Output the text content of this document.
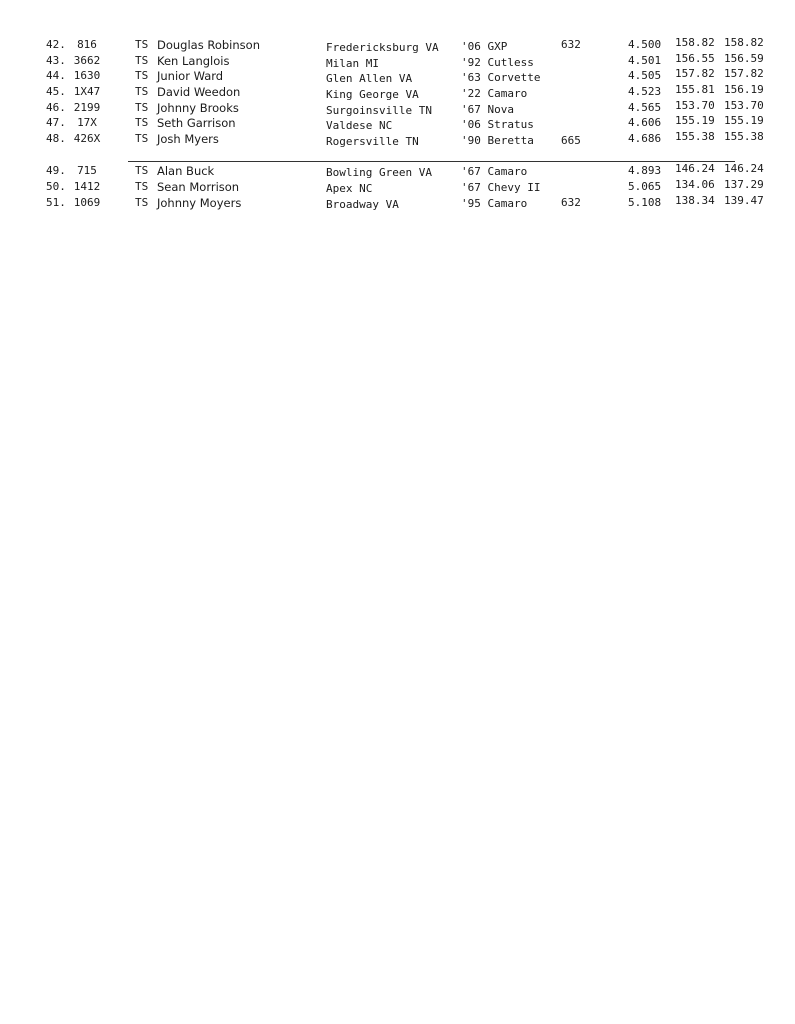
42.	816	TS Douglas Robinson	Fredericksburg VA '06 GXP	632	4.500 158.82 158.82
43. 3662	TS Ken Langlois	Milan MI	'92 Cutless	4.501 156.55 156.59
44. 1630	TS Junior Ward	Glen Allen VA	'63 Corvette	4.505 157.82 157.82
45. 1X47	TS David Weedon	King George VA	'22 Camaro	4.523 155.81 156.19
46. 2199	TS Johnny Brooks	Surgoinsville TN	'67 Nova	4.565 153.70 153.70
47.	17X	TS Seth Garrison	Valdese NC	'06 Stratus	4.606 155.19 155.19
48. 426X	TS Josh Myers	Rogersville TN	'90 Beretta 665	4.686 155.38 155.38
49.	715	TS Alan Buck	Bowling Green VA	'67 Camaro	4.893 146.24 146.24
50. 1412	TS Sean Morrison	Apex NC	'67 Chevy II	5.065 134.06 137.29
51. 1069	TS Johnny Moyers	Broadway VA	'95 Camaro	632	5.108 138.34 139.47
